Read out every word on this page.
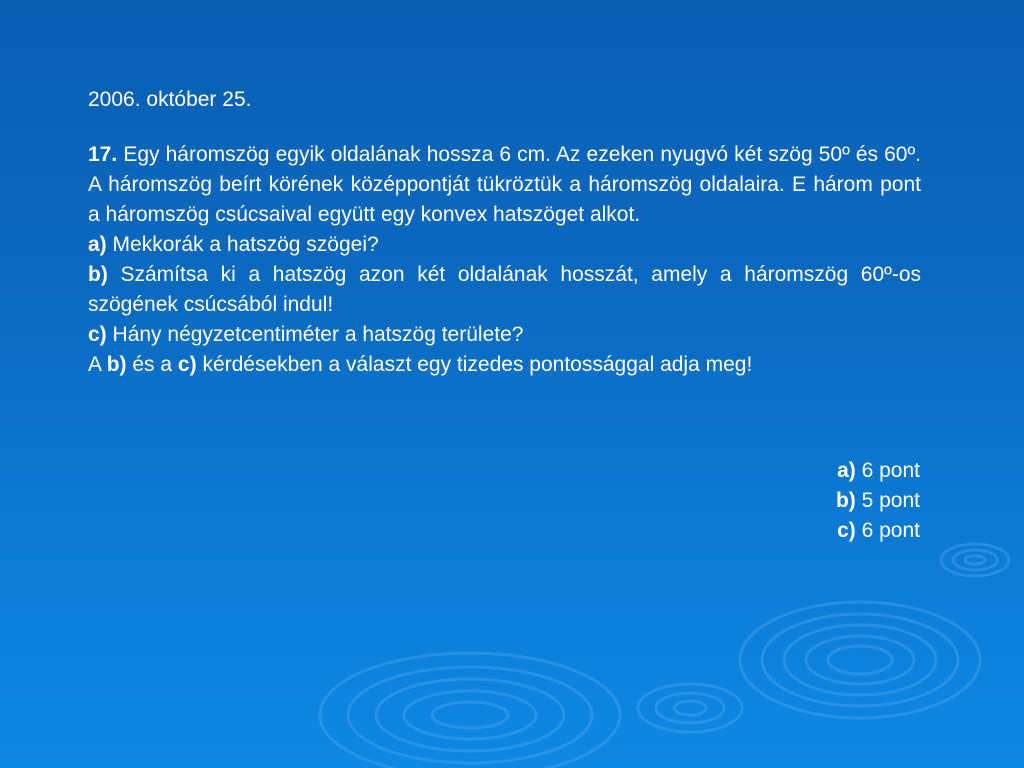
2006. október 25.

17. Egy háromszög egyik oldalának hossza 6 cm. Az ezeken nyugvó két szög 50º és 60º. A háromszög beírt körének középpontját tükröztük a háromszög oldalaira. E három pont a háromszög csúcsaival együtt egy konvex hatszöget alkot.

a) Mekkorák a hatszög szögei?

b) Számítsa ki a hatszög azon két oldalának hosszát, amely a háromszög 60º-os szögének csúcsából indul!

c) Hány négyzetcentiméter a hatszög területe?

A b) és a c) kérdésekben a választ egy tizedes pontossággal adja meg!

a) 6 pont
b) 5 pont
c) 6 pont
